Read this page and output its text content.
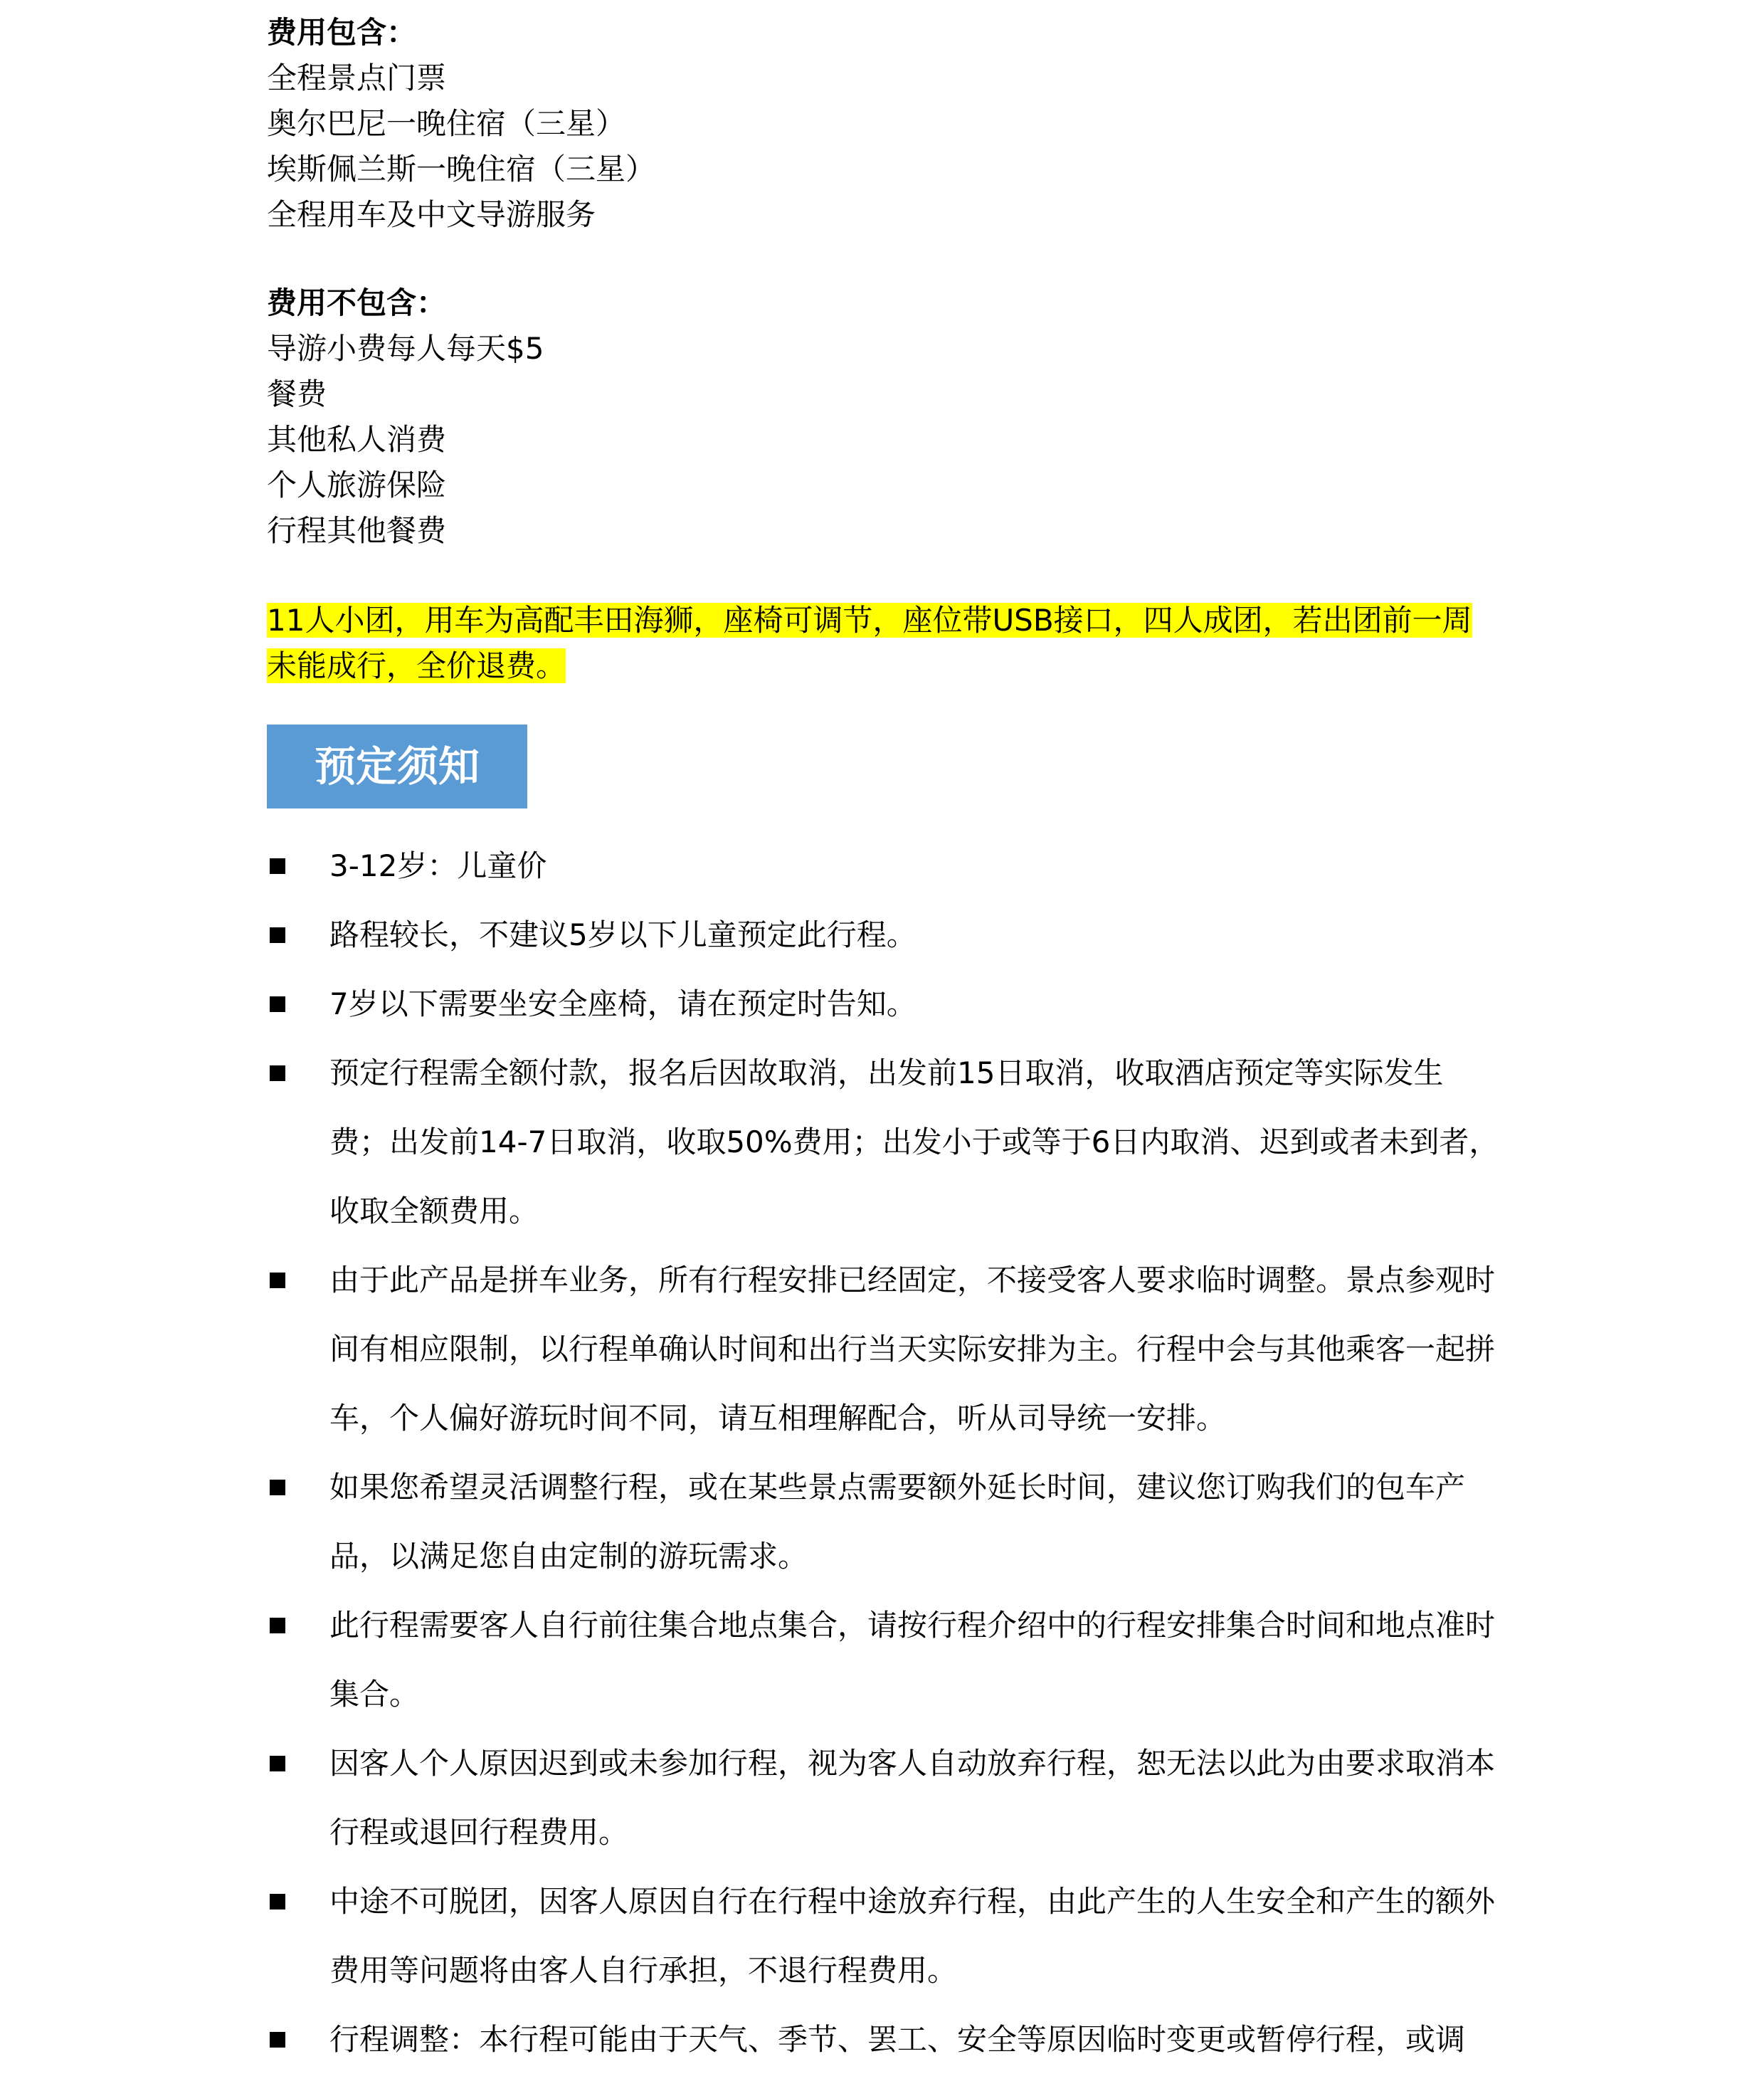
费用包含：

全程景点门票

奥尔巴尼一晚住宿（三星）

埃斯佩兰斯一晚住宿（三星）

全程用车及中文导游服务

费用不包含：

导游小费每人每天$5

餐费

其他私人消费

个人旅游保险

行程其他餐费

11人小团，用车为高配丰田海狮，座椅可调节，座位带USB接口，四人成团，若出团前一周未能成行，全价退费。
预定须知
3-12岁：儿童价
路程较长，不建议5岁以下儿童预定此行程。
7岁以下需要坐安全座椅，请在预定时告知。
预定行程需全额付款，报名后因故取消，出发前15日取消，收取酒店预定等实际发生费；出发前14-7日取消，收取50%费用；出发小于或等于6日内取消、迟到或者未到者，收取全额费用。
由于此产品是拼车业务，所有行程安排已经固定，不接受客人要求临时调整。景点参观时间有相应限制，以行程单确认时间和出行当天实际安排为主。行程中会与其他乘客一起拼车，个人偏好游玩时间不同，请互相理解配合，听从司导统一安排。
如果您希望灵活调整行程，或在某些景点需要额外延长时间，建议您订购我们的包车产品，以满足您自由定制的游玩需求。
此行程需要客人自行前往集合地点集合，请按行程介绍中的行程安排集合时间和地点准时集合。
因客人个人原因迟到或未参加行程，视为客人自动放弃行程，恕无法以此为由要求取消本行程或退回行程费用。
中途不可脱团，因客人原因自行在行程中途放弃行程，由此产生的人生安全和产生的额外费用等问题将由客人自行承担，不退行程费用。
行程调整：本行程可能由于天气、季节、罢工、安全等原因临时变更或暂停行程，或调
